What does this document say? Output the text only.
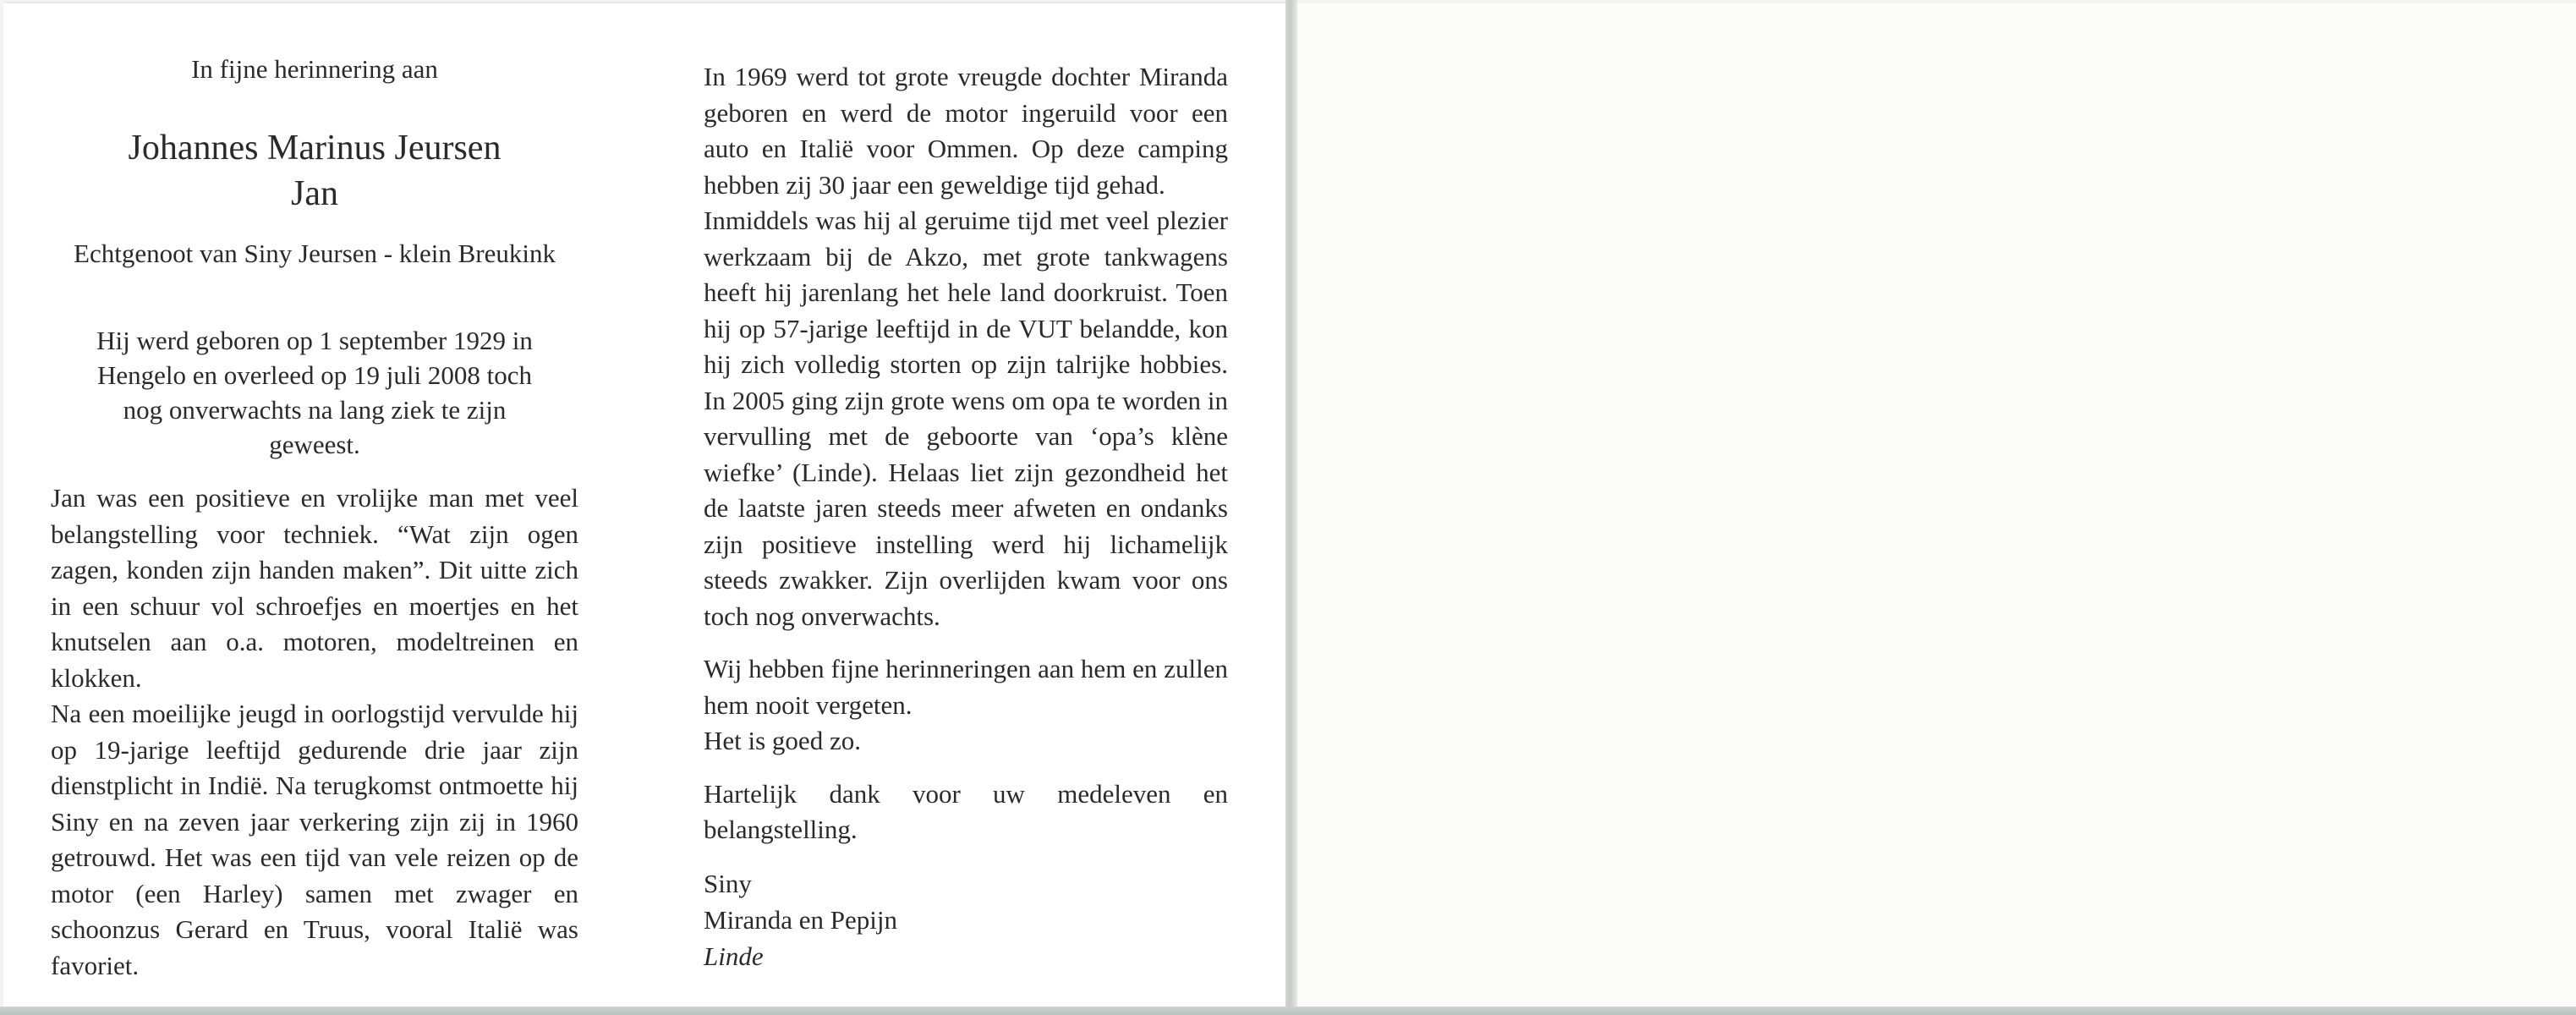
In fijne herinnering aan
Johannes Marinus Jeursen
Jan
Echtgenoot van Siny Jeursen - klein Breukink
Hij werd geboren op 1 september 1929 in Hengelo en overleed op 19 juli 2008 toch nog onverwachts na lang ziek te zijn geweest.
Jan was een positieve en vrolijke man met veel belangstelling voor techniek. “Wat zijn ogen zagen, konden zijn handen maken”. Dit uitte zich in een schuur vol schroefjes en moertjes en het knutselen aan o.a. motoren, modeltreinen en klokken.
Na een moeilijke jeugd in oorlogstijd vervulde hij op 19-jarige leeftijd gedurende drie jaar zijn dienstplicht in Indië. Na terugkomst ontmoette hij Siny en na zeven jaar verkering zijn zij in 1960 getrouwd. Het was een tijd van vele reizen op de motor (een Harley) samen met zwager en schoonzus Gerard en Truus, vooral Italië was favoriet.

In 1969 werd tot grote vreugde dochter Miranda geboren en werd de motor ingeruild voor een auto en Italië voor Ommen. Op deze camping hebben zij 30 jaar een geweldige tijd gehad.

Inmiddels was hij al geruime tijd met veel plezier werkzaam bij de Akzo, met grote tankwagens heeft hij jarenlang het hele land doorkruist. Toen hij op 57-jarige leeftijd in de VUT belandde, kon hij zich volledig storten op zijn talrijke hobbies. In 2005 ging zijn grote wens om opa te worden in vervulling met de geboorte van ‘opa’s klène wiefke’ (Linde). Helaas liet zijn gezondheid het de laatste jaren steeds meer afweten en ondanks zijn positieve instelling werd hij lichamelijk steeds zwakker. Zijn overlijden kwam voor ons toch nog onverwachts.

Wij hebben fijne herinneringen aan hem en zullen hem nooit vergeten.
Het is goed zo.
Hartelijk dank voor uw medeleven en belangstelling.
Siny
Miranda en Pepijn
Linde
